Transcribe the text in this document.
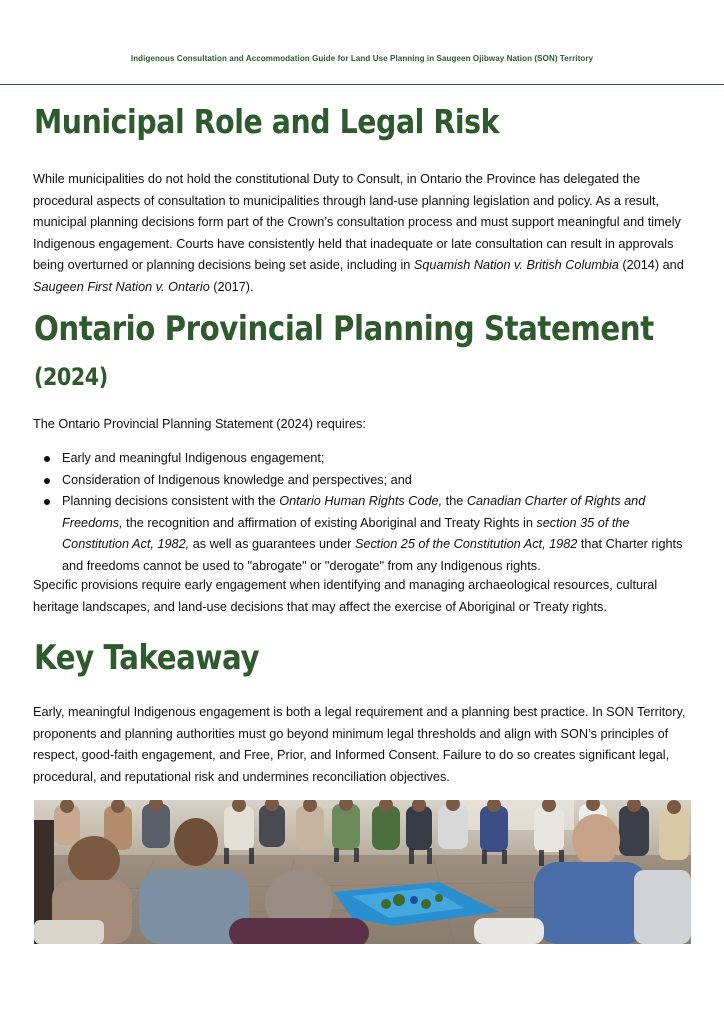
Indigenous Consultation and Accommodation Guide for Land Use Planning in Saugeen Ojibway Nation (SON) Territory
Municipal Role and Legal Risk

While municipalities do not hold the constitutional Duty to Consult, in Ontario the Province has delegated the procedural aspects of consultation to municipalities through land-use planning legislation and policy. As a result, municipal planning decisions form part of the Crown’s consultation process and must support meaningful and timely Indigenous engagement. Courts have consistently held that inadequate or late consultation can result in approvals being overturned or planning decisions being set aside, including in Squamish Nation v. British Columbia (2014) and Saugeen First Nation v. Ontario (2017).

Ontario Provincial Planning Statement
(2024)

The Ontario Provincial Planning Statement (2024) requires:

Early and meaningful Indigenous engagement;
Consideration of Indigenous knowledge and perspectives; and
Planning decisions consistent with the Ontario Human Rights Code, the Canadian Charter of Rights and Freedoms, the recognition and affirmation of existing Aboriginal and Treaty Rights in section 35 of the Constitution Act, 1982, as well as guarantees under Section 25 of the Constitution Act, 1982 that Charter rights and freedoms cannot be used to "abrogate" or "derogate" from any Indigenous rights.

Specific provisions require early engagement when identifying and managing archaeological resources, cultural heritage landscapes, and land-use decisions that may affect the exercise of Aboriginal or Treaty rights.

Key Takeaway

Early, meaningful Indigenous engagement is both a legal requirement and a planning best practice. In SON Territory, proponents and planning authorities must go beyond minimum legal thresholds and align with SON’s principles of respect, good-faith engagement, and Free, Prior, and Informed Consent. Failure to do so creates significant legal, procedural, and reputational risk and undermines reconciliation objectives.
